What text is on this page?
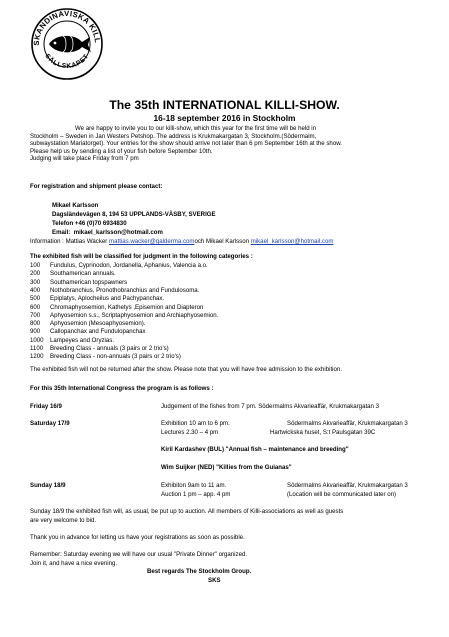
SKANDINAVISKA KILL
SÄLLSKAPET
The 35th INTERNATIONAL KILLI-SHOW.
16-18 september 2016 in Stockholm
We are happy to invite you to our killi-show, which this year for the first time will be held in
Stockholm – Sweden in Jan Westers Petshop. The address is Krukmakargatan 3, Stockholm.(Södermalm,
subwaystation Mariatorget). Your entries for the show should arrive not later than 6 pm September 16th at the show.
Please help us by sending a list of your fish before September 10th.
Judging will take place Friday from 7 pm
For registration and shipment please contact:
Mikael Karlsson
Dagsländevägen 8, 194 53 UPPLANDS-VÄSBY, SVERIGE
Telefon +46 (0)70 6934830
Email: mikael_karlsson@hotmail.com
Information : Mattias Wacker mattias.wacker@galderma.comoch Mikael Karlsson mikael_karlsson@hotmail.com
The exhibited fish will be classified for judgment in the following categories :
100 Fundulus, Cyprinodon, Jordanella, Aphanius, Valencia a.o.
200 Southamerican annuals.
300 Southamerican topspawners
400 Nothobranchius, Pronothobranchius and Fundulosoma.
500 Epiplatys, Aplocheilus and Pachypanchax.
600 Chromaphyosemion, Kathetys ,Episemion and Diapteron
700 Aphyosemion s.s., Scriptaphyosemion and Archiaphyosemion.
800 Aphyosemion (Mesoaphyosemion).
900 Callopanchax and Fundulopanchax
1000 Lampeyes and Oryzias.
1100 Breeding Class - annuals (3 pairs or 2 trio's)
1200 Breeding Class - non-annuals (3 pairs or 2 trio's)
The exhibited fish will not be returned after the show. Please note that you will have free admission to the exhibition.
For this 35th International Congress the program is as follows :
Friday 16/9	Judgement of the fishes from 7 pm. Södermalms Akvarieaffär, Krukmakargatan 3
Saturday 17/9	Exhibition 10 am to 6 pm.	Södermalms Akvarieaffär, Krukmakargatan 3
Lectures 2.30 – 4 pm	Hartwickska huset, S:t Paulsgatan 39C
Kiril Kardashev (BUL) "Annual fish – maintenance and breeding"
Wim Suijker (NED) "Killies from the Guianas"
Sunday 18/9	Exhibiton 9am to 11 am.	Södermalms Akvarieaffär, Krukmakargatan 3
Auction 1 pm – app. 4 pm	(Location will be communicated later on)
Sunday 18/9 the exhibited fish will, as usual, be put up to auction. All members of Killi-associations as well as guests
are very welcome to bid.
Thank you in advance for letting us have your registrations as soon as possible.
Remember: Saturday evening we will have our usual "Private Dinner" organized.
Join it, and have a nice evening.
Best regards The Stockholm Group.
SKS
